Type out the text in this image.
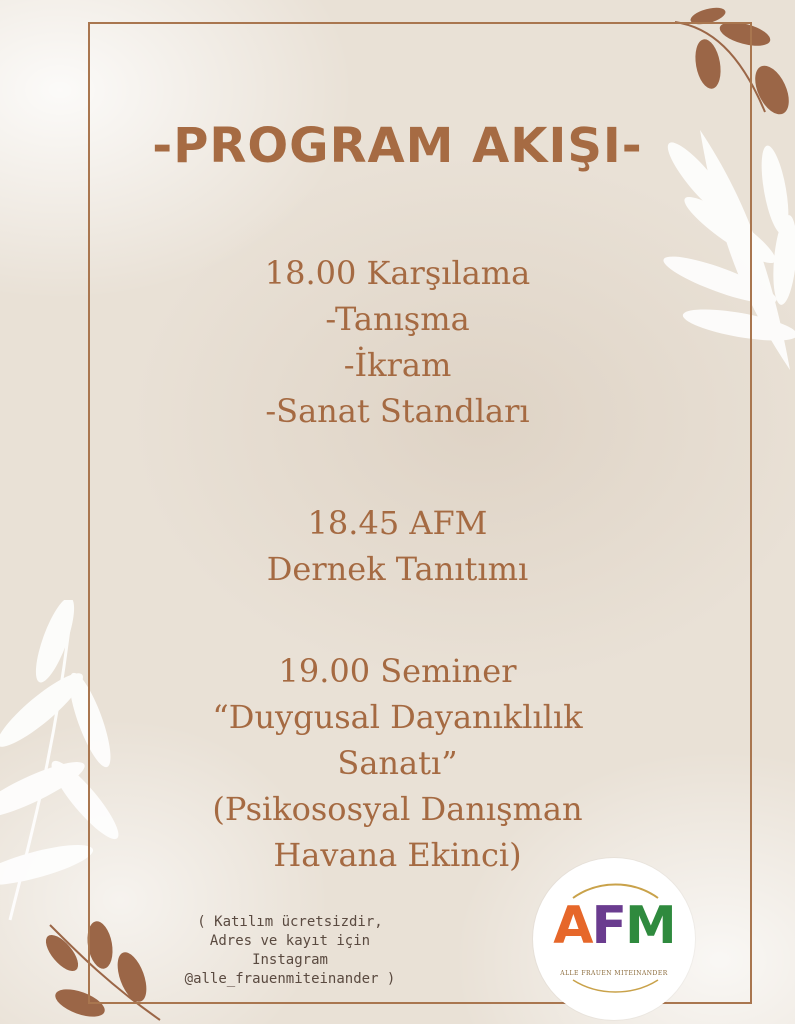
-PROGRAM AKIŞI-
18.00 Karşılama
-Tanışma
-İkram
-Sanat Standları
18.45 AFM
Dernek Tanıtımı
19.00 Seminer
“Duygusal Dayanıklılık
Sanatı”
(Psikososyal Danışman
Havana Ekinci)
( Katılım ücretsizdir,
Adres ve kayıt için
Instagram
@alle_frauenmiteinander )
AFM
ALLE FRAUEN MITEINANDER
